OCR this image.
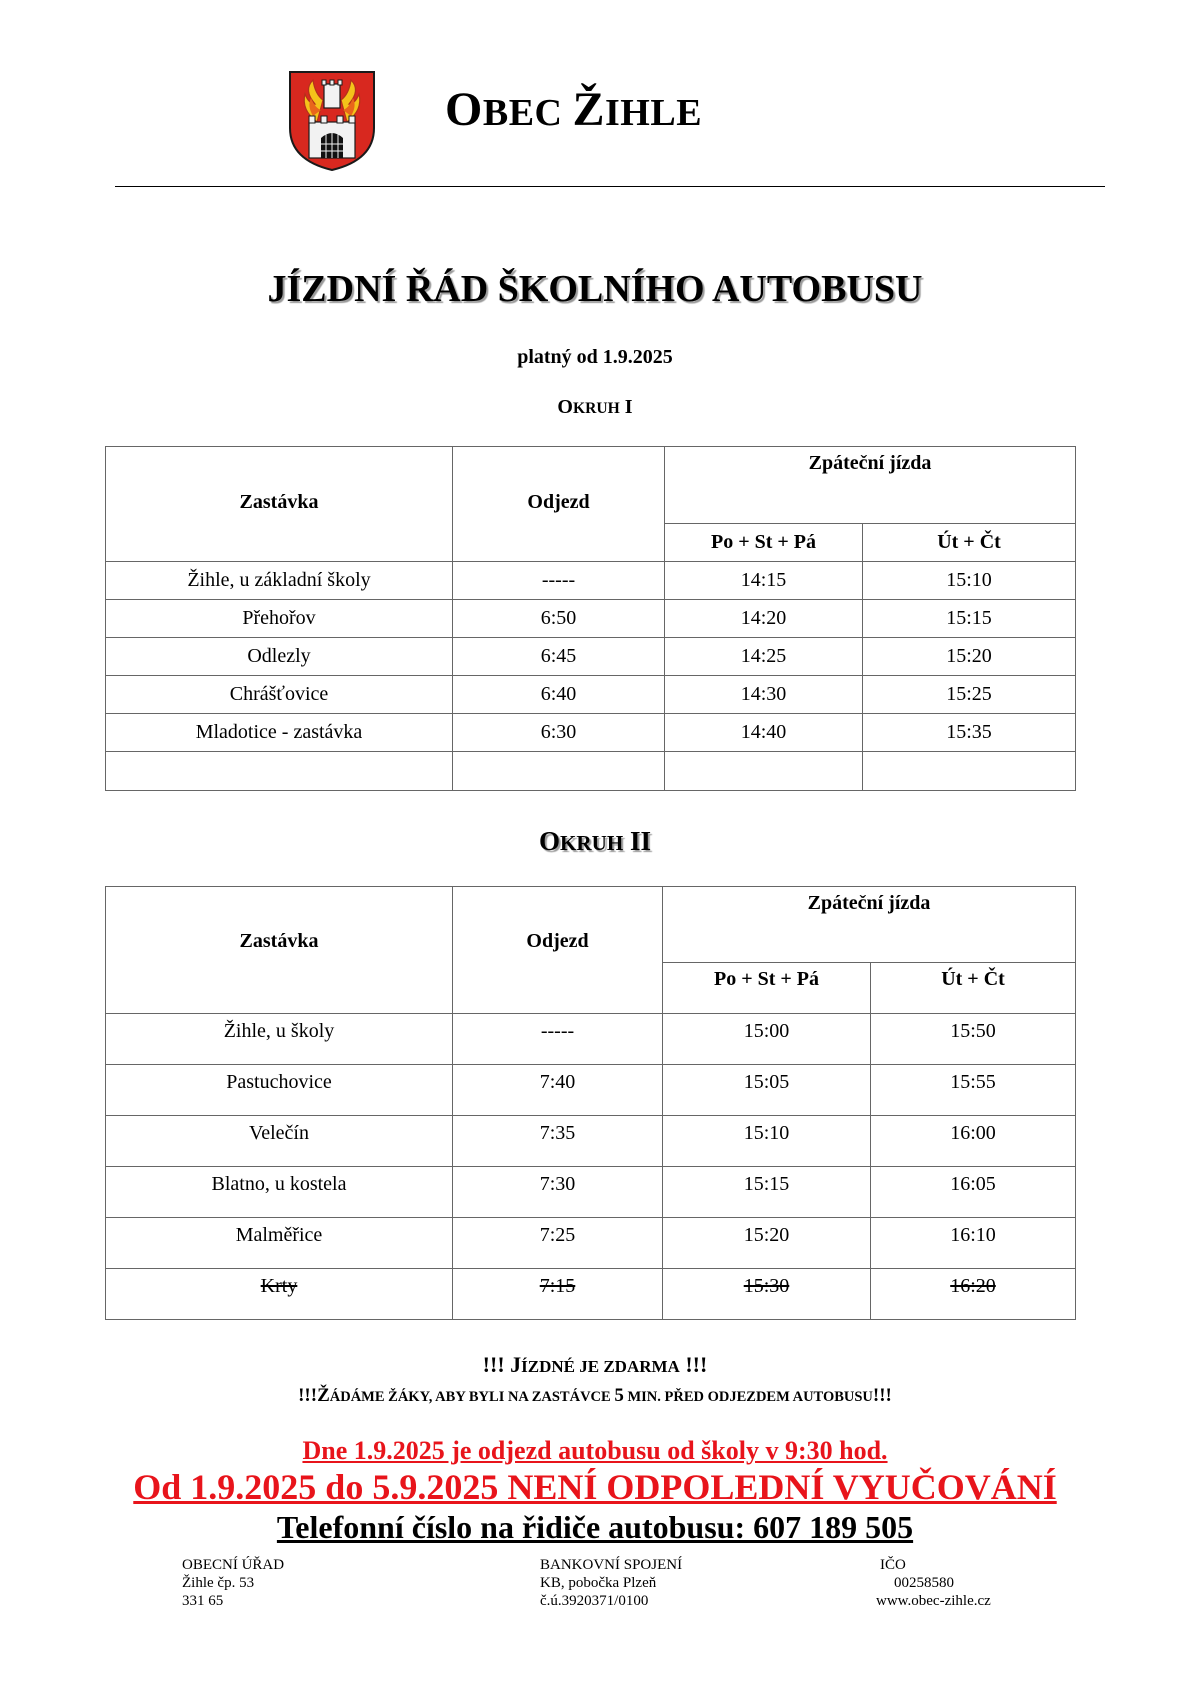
OBEC ŽIHLE
JÍZDNÍ ŘÁD ŠKOLNÍHO AUTOBUSU
platný od 1.9.2025
OKRUH I
Zastávka	Odjezd	Zpáteční jízda	
		Po + St + Pá	Út + Čt
Žihle, u základní školy	-----	14:15	15:10
Přehořov	6:50	14:20	15:15
Odlezly	6:45	14:25	15:20
Chrášťovice	6:40	14:30	15:25
Mladotice - zastávka	6:30	14:40	15:35

OKRUH II
Zastávka	Odjezd	Zpáteční jízda	
		Po + St + Pá	Út + Čt
Žihle, u školy	-----	15:00	15:50
Pastuchovice	7:40	15:05	15:55
Velečín	7:35	15:10	16:00
Blatno, u kostela	7:30	15:15	16:05
Malměřice	7:25	15:20	16:10
Krty	7:15	15:30	16:20
!!! JÍZDNÉ JE ZDARMA !!!
!!!ŽÁDÁME ŽÁKY, ABY BYLI NA ZASTÁVCE 5 MIN. PŘED ODJEZDEM AUTOBUSU!!!
Dne 1.9.2025 je odjezd autobusu od školy v 9:30 hod.
Od 1.9.2025 do 5.9.2025 NENÍ ODPOLEDNÍ VYUČOVÁNÍ
Telefonní číslo na řidiče autobusu: 607 189 505
OBECNÍ ÚŘAD
Žihle čp. 53
331 65
BANKOVNÍ SPOJENÍ
KB, pobočka Plzeň
č.ú.3920371/0100
IČO
00258580
www.obec-zihle.cz
